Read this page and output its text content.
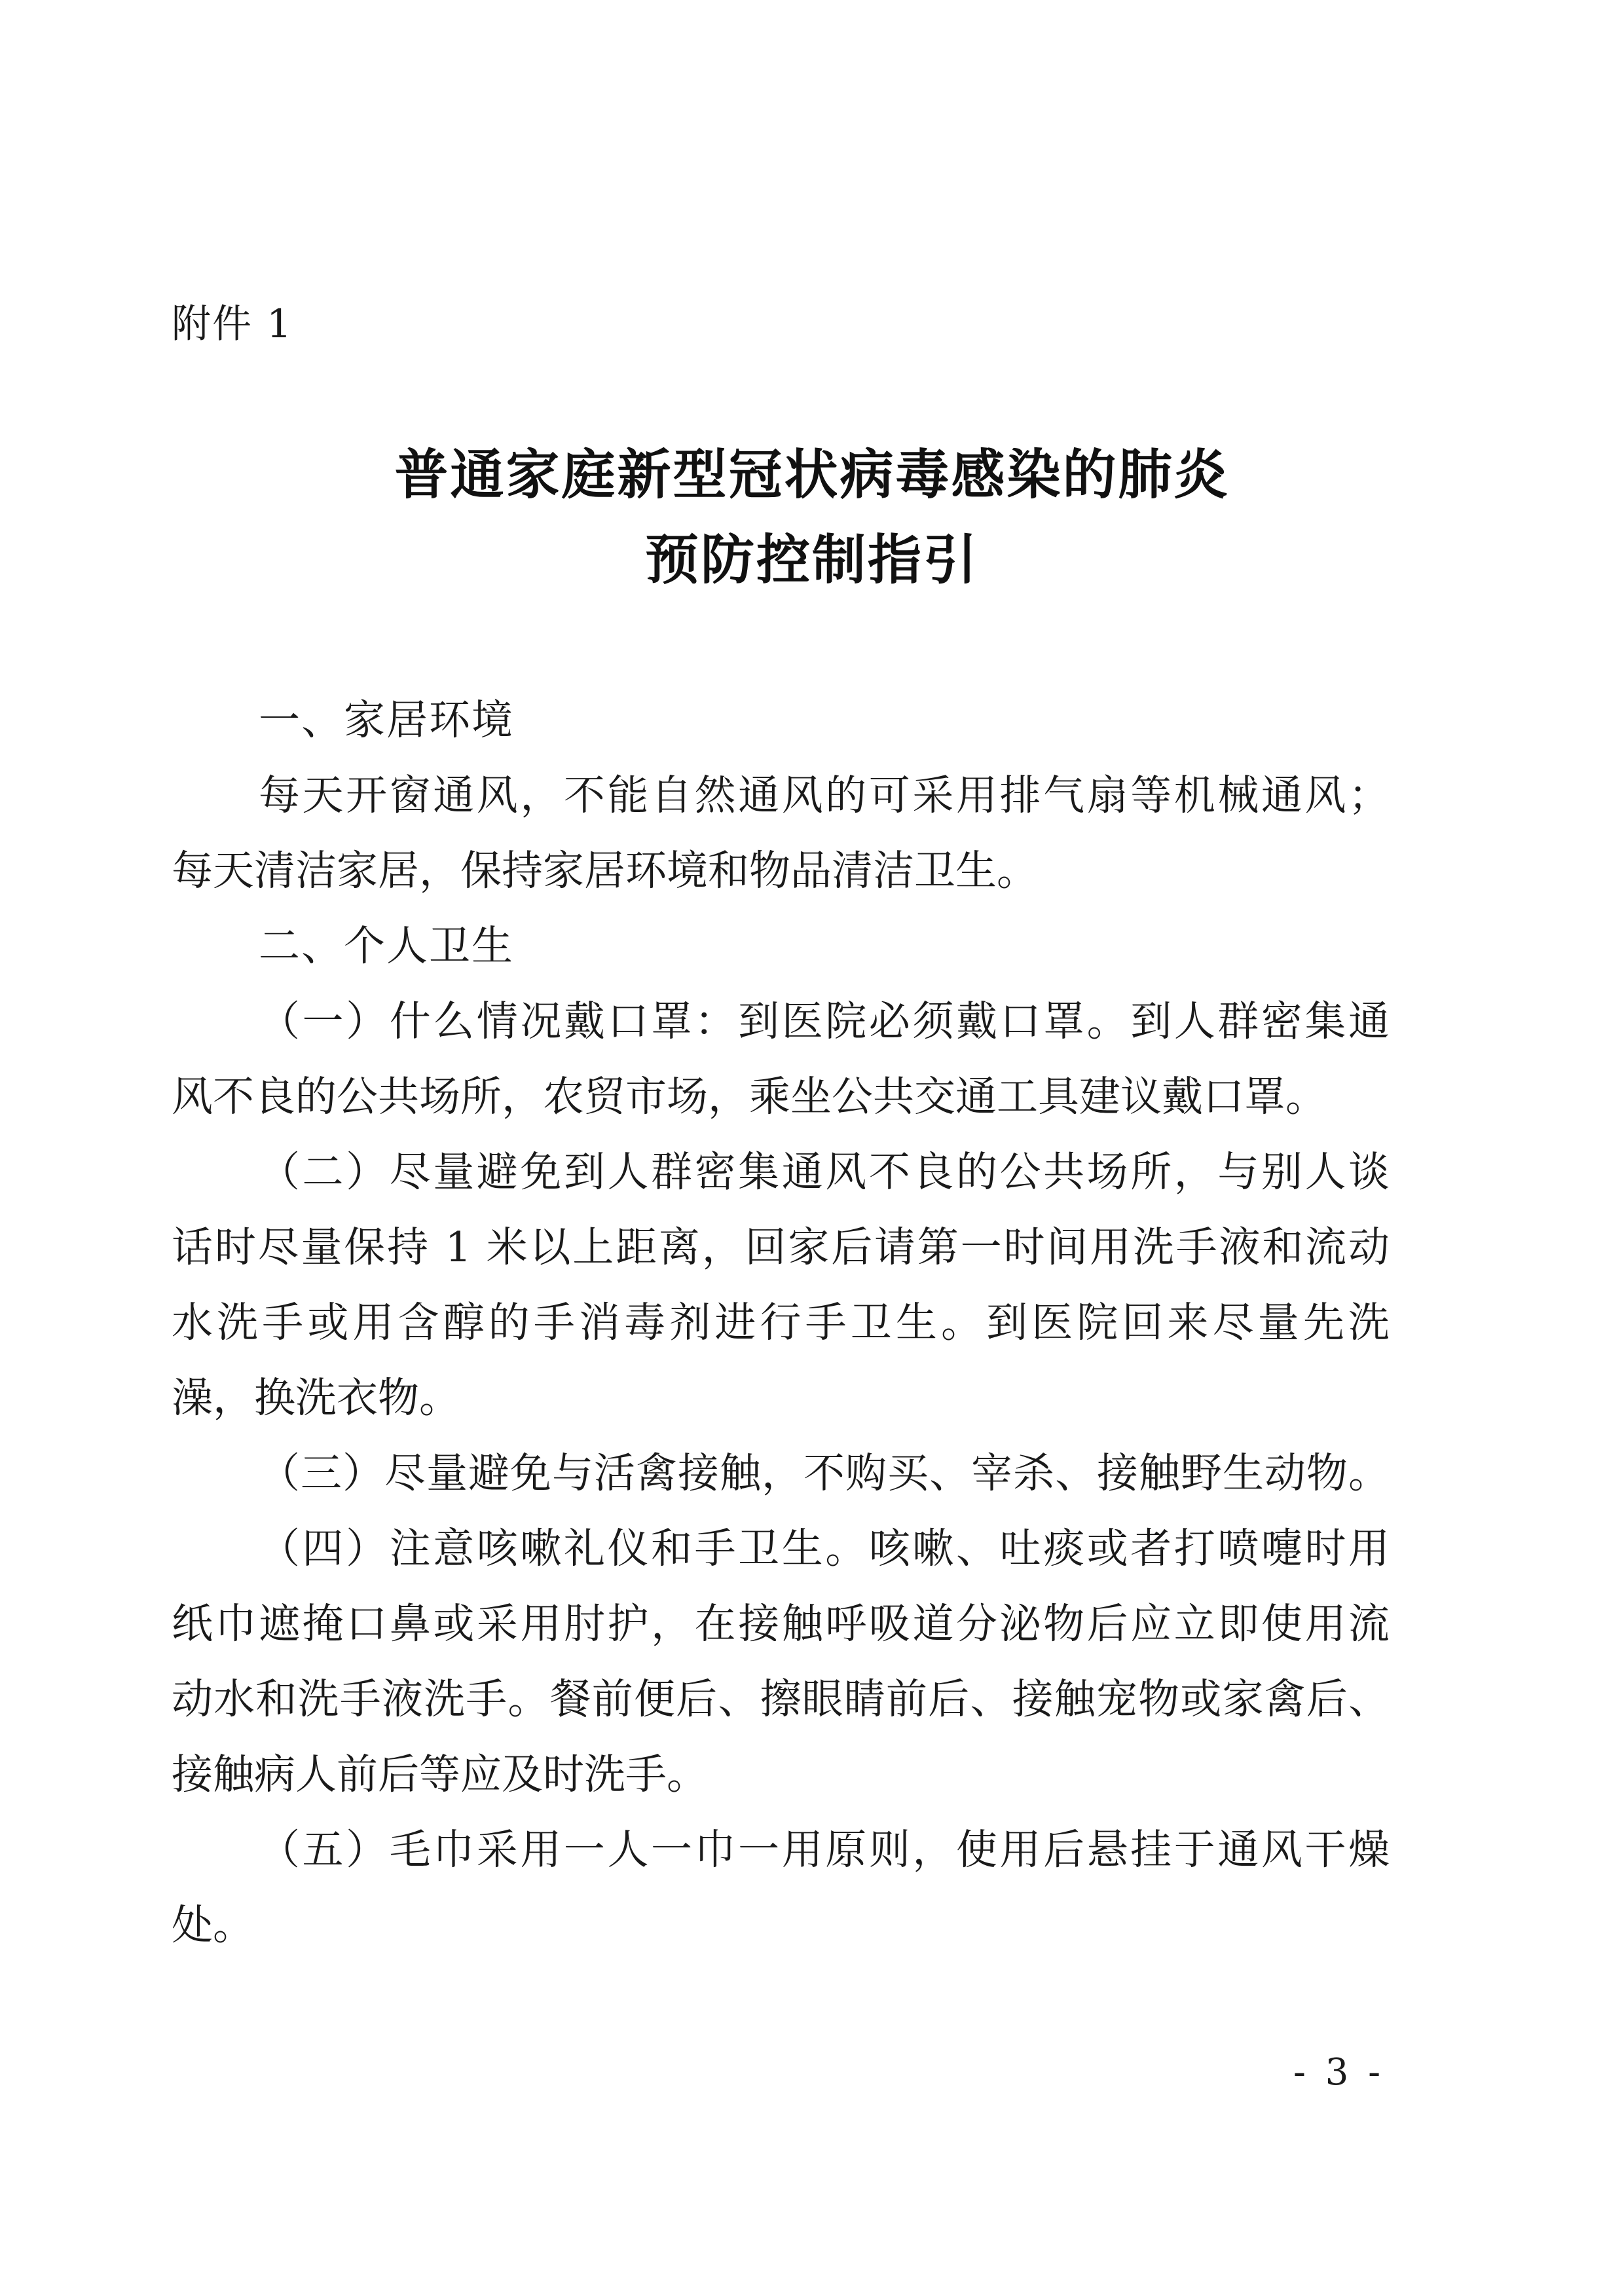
附件 1
普通家庭新型冠状病毒感染的肺炎
预防控制指引
一、家居环境
每天开窗通风，不能自然通风的可采用排气扇等机械通风；
每天清洁家居，保持家居环境和物品清洁卫生。
二、个人卫生
（一）什么情况戴口罩：到医院必须戴口罩。到人群密集通
风不良的公共场所，农贸市场，乘坐公共交通工具建议戴口罩。
（二）尽量避免到人群密集通风不良的公共场所，与别人谈
话时尽量保持 1 米以上距离，回家后请第一时间用洗手液和流动
水洗手或用含醇的手消毒剂进行手卫生。到医院回来尽量先洗
澡，换洗衣物。
（三）尽量避免与活禽接触，不购买、宰杀、接触野生动物。
（四）注意咳嗽礼仪和手卫生。咳嗽、吐痰或者打喷嚏时用
纸巾遮掩口鼻或采用肘护，在接触呼吸道分泌物后应立即使用流
动水和洗手液洗手。餐前便后、擦眼睛前后、接触宠物或家禽后、
接触病人前后等应及时洗手。
（五）毛巾采用一人一巾一用原则，使用后悬挂于通风干燥
处。
- 3 -
